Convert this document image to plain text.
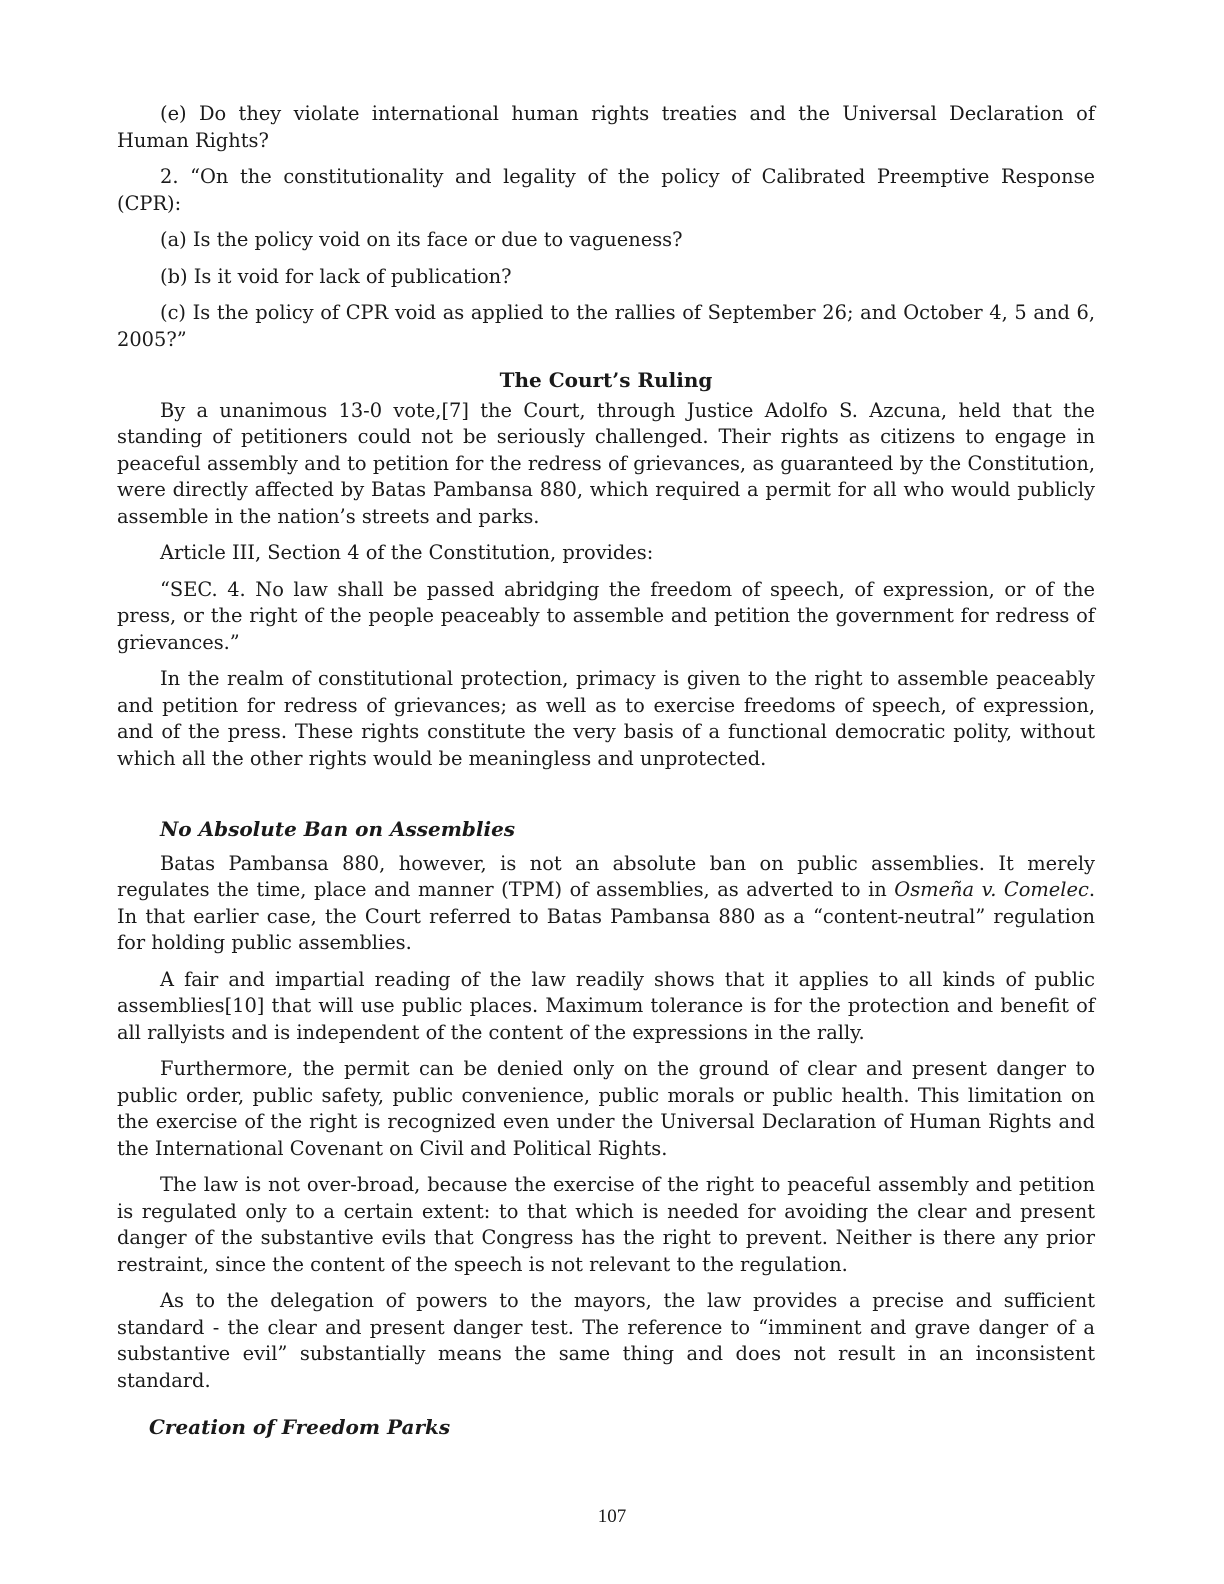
(e) Do they violate international human rights treaties and the Universal Declaration of Human Rights?

2. “On the constitutionality and legality of the policy of Calibrated Preemptive Response (CPR):

(a) Is the policy void on its face or due to vagueness?

(b) Is it void for lack of publication?

(c) Is the policy of CPR void as applied to the rallies of September 26; and October 4, 5 and 6, 2005?”

The Court’s Ruling

By a unanimous 13-0 vote,[7] the Court, through Justice Adolfo S. Azcuna, held that the standing of petitioners could not be seriously challenged. Their rights as citizens to engage in peaceful assembly and to petition for the redress of grievances, as guaranteed by the Constitution, were directly affected by Batas Pambansa 880, which required a permit for all who would publicly assemble in the nation’s streets and parks.

Article III, Section 4 of the Constitution, provides:

“SEC. 4. No law shall be passed abridging the freedom of speech, of expression, or of the press, or the right of the people peaceably to assemble and petition the government for redress of grievances.”

In the realm of constitutional protection, primacy is given to the right to assemble peaceably and petition for redress of grievances; as well as to exercise freedoms of speech, of expression, and of the press. These rights constitute the very basis of a functional democratic polity, without which all the other rights would be meaningless and unprotected.

No Absolute Ban on Assemblies

Batas Pambansa 880, however, is not an absolute ban on public assemblies. It merely regulates the time, place and manner (TPM) of assemblies, as adverted to in Osmeña v. Comelec. In that earlier case, the Court referred to Batas Pambansa 880 as a “content-neutral” regulation for holding public assemblies.

A fair and impartial reading of the law readily shows that it applies to all kinds of public assemblies[10] that will use public places. Maximum tolerance is for the protection and benefit of all rallyists and is independent of the content of the expressions in the rally.

Furthermore, the permit can be denied only on the ground of clear and present danger to public order, public safety, public convenience, public morals or public health. This limitation on the exercise of the right is recognized even under the Universal Declaration of Human Rights and the International Covenant on Civil and Political Rights.

The law is not over-broad, because the exercise of the right to peaceful assembly and petition is regulated only to a certain extent: to that which is needed for avoiding the clear and present danger of the substantive evils that Congress has the right to prevent. Neither is there any prior restraint, since the content of the speech is not relevant to the regulation.

As to the delegation of powers to the mayors, the law provides a precise and sufficient standard - the clear and present danger test. The reference to “imminent and grave danger of a substantive evil” substantially means the same thing and does not result in an inconsistent standard.

Creation of Freedom Parks
107
